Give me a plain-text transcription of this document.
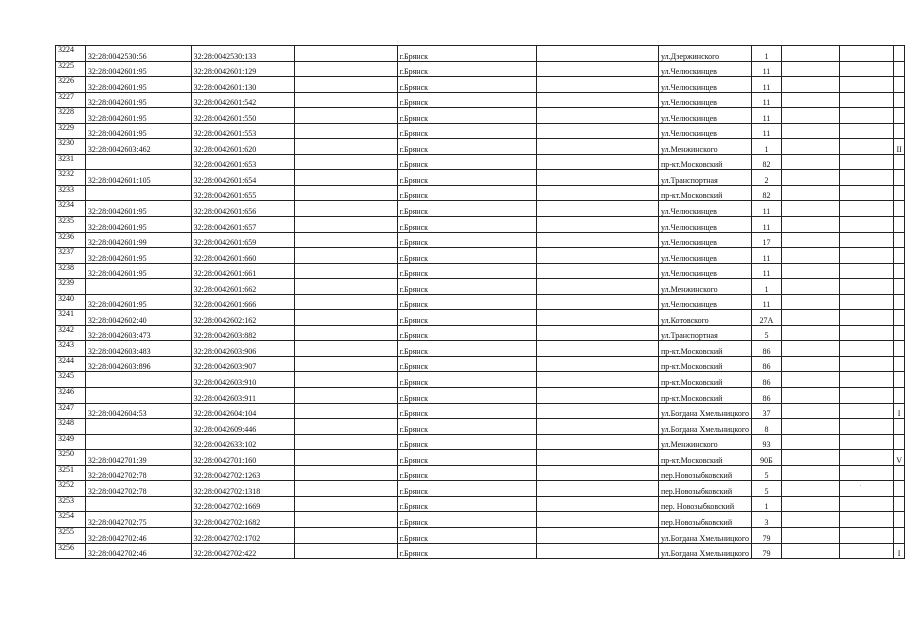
3224	32:28:0042530:56	32:28:0042530:133		г.Брянск		ул.Дзержинского	1			
3225	32:28:0042601:95	32:28:0042601:129		г.Брянск		ул.Челюскинцев	11			
3226	32:28:0042601:95	32:28:0042601:130		г.Брянск		ул.Челюскинцев	11			
3227	32:28:0042601:95	32:28:0042601:542		г.Брянск		ул.Челюскинцев	11			
3228	32:28:0042601:95	32:28:0042601:550		г.Брянск		ул.Челюскинцев	11			
3229	32:28:0042601:95	32:28:0042601:553		г.Брянск		ул.Челюскинцев	11			
3230	32:28:0042603:462	32:28:0042601:620		г.Брянск		ул.Менжинского	1			II
3231		32:28:0042601:653		г.Брянск		пр-кт.Московский	82			
3232	32:28:0042601:105	32:28:0042601:654		г.Брянск		ул.Транспортная	2			
3233		32:28:0042601:655		г.Брянск		пр-кт.Московский	82			
3234	32:28:0042601:95	32:28:0042601:656		г.Брянск		ул.Челюскинцев	11			
3235	32:28:0042601:95	32:28:0042601:657		г.Брянск		ул.Челюскинцев	11			
3236	32:28:0042601:99	32:28:0042601:659		г.Брянск		ул.Челюскинцев	17			
3237	32:28:0042601:95	32:28:0042601:660		г.Брянск		ул.Челюскинцев	11			
3238	32:28:0042601:95	32:28:0042601:661		г.Брянск		ул.Челюскинцев	11			
3239		32:28:0042601:662		г.Брянск		ул.Менжинского	1			
3240	32:28:0042601:95	32:28:0042601:666		г.Брянск		ул.Челюскинцев	11			
3241	32:28:0042602:40	32:28:0042602:162		г.Брянск		ул.Котовского	27А			
3242	32:28:0042603:473	32:28:0042603:882		г.Брянск		ул.Транспортная	5			
3243	32:28:0042603:483	32:28:0042603:906		г.Брянск		пр-кт.Московский	86			
3244	32:28:0042603:896	32:28:0042603:907		г.Брянск		пр-кт.Московский	86			
3245		32:28:0042603:910		г.Брянск		пр-кт.Московский	86			
3246		32:28:0042603:911		г.Брянск		пр-кт.Московский	86			
3247	32:28:0042604:53	32:28:0042604:104		г.Брянск		ул.Богдана Хмельницкого	37			I
3248		32:28:0042609:446		г.Брянск		ул.Богдана Хмельницкого	8			
3249		32:28:0042633:102		г.Брянск		ул.Менжинского	93			
3250	32:28:0042701:39	32:28:0042701:160		г.Брянск		пр-кт.Московский	90Б			V
3251	32:28:0042702:78	32:28:0042702:1263		г.Брянск		пер.Новозыбковский	5			
3252	32:28:0042702:78	32:28:0042702:1318		г.Брянск		пер.Новозыбковский	5			
3253		32:28:0042702:1669		г.Брянск		пер. Новозыбковский	1			
3254	32:28:0042702:75	32:28:0042702:1682		г.Брянск		пер.Новозыбковский	3			
3255	32:28:0042702:46	32:28:0042702:1702		г.Брянск		ул.Богдана Хмельницкого	79			
3256	32:28:0042702:46	32:28:0042702:422		г.Брянск		ул.Богдана Хмельницкого	79			I
